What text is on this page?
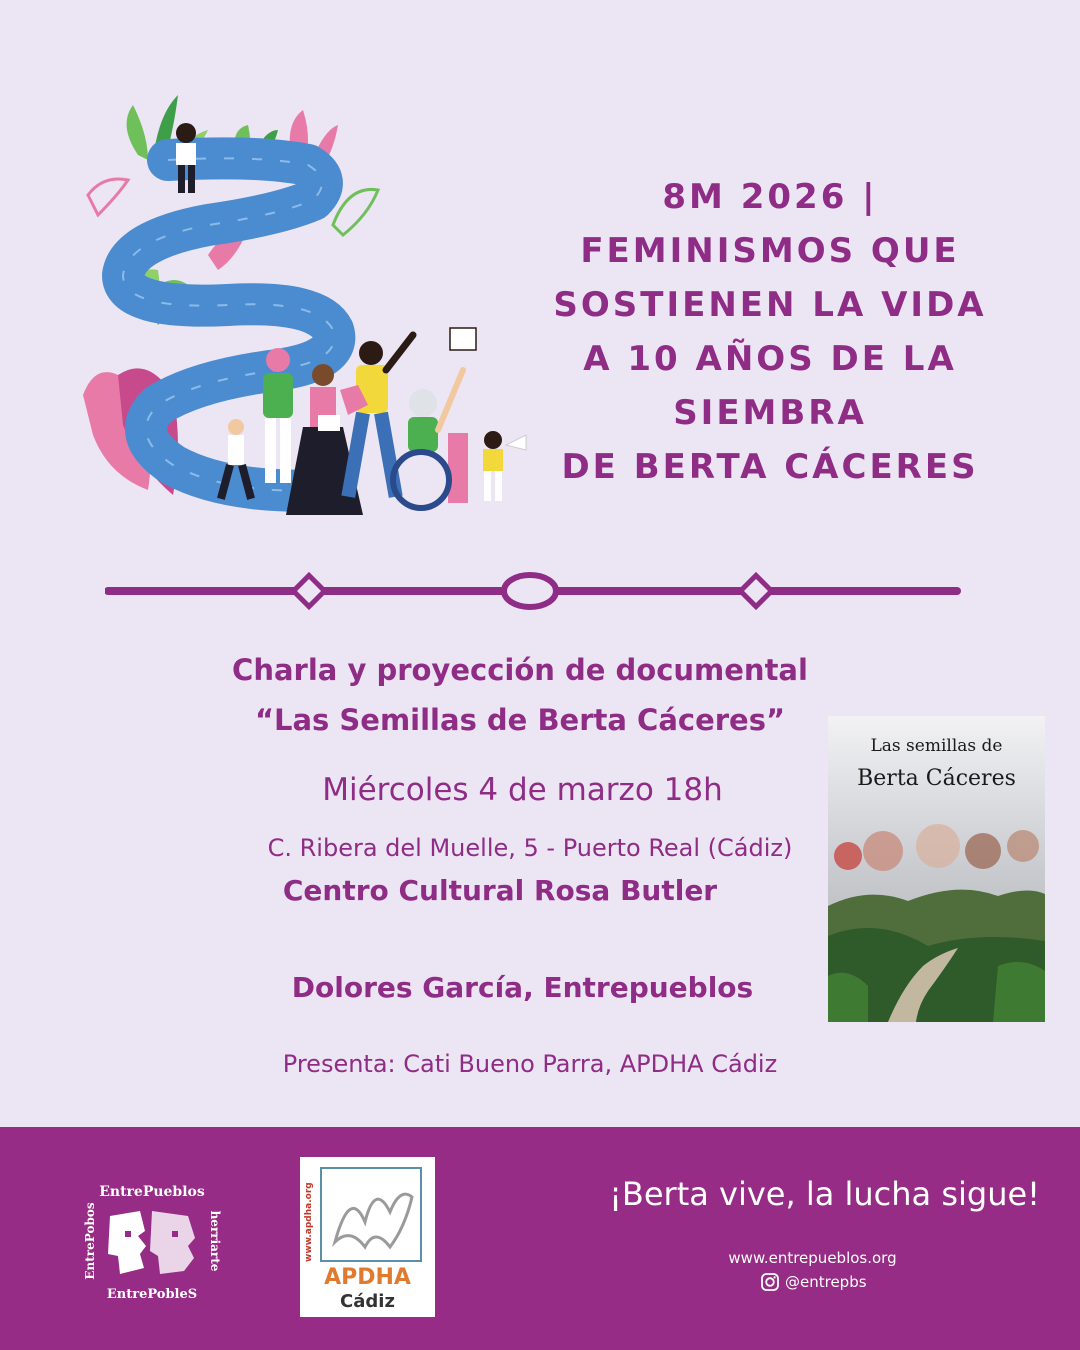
8M 2026 |
FEMINISMOS QUE
SOSTIENEN LA VIDA
A 10 AÑOS DE LA SIEMBRA
DE BERTA CÁCERES
Charla y proyección de documental
“Las Semillas de Berta Cáceres”
Miércoles 4 de marzo 18h
C. Ribera del Muelle, 5 - Puerto Real (Cádiz)
Centro Cultural Rosa Butler
Dolores García, Entrepueblos
Presenta: Cati Bueno Parra, APDHA Cádiz
Las semillas de
Berta Cáceres
EntrePueblos
EntrePobleS
EntrePobos	herriarte	www.apdha.org
APDHA
Cádiz
¡Berta vive, la lucha sigue!
www.entrepueblos.org
@entrepbs
